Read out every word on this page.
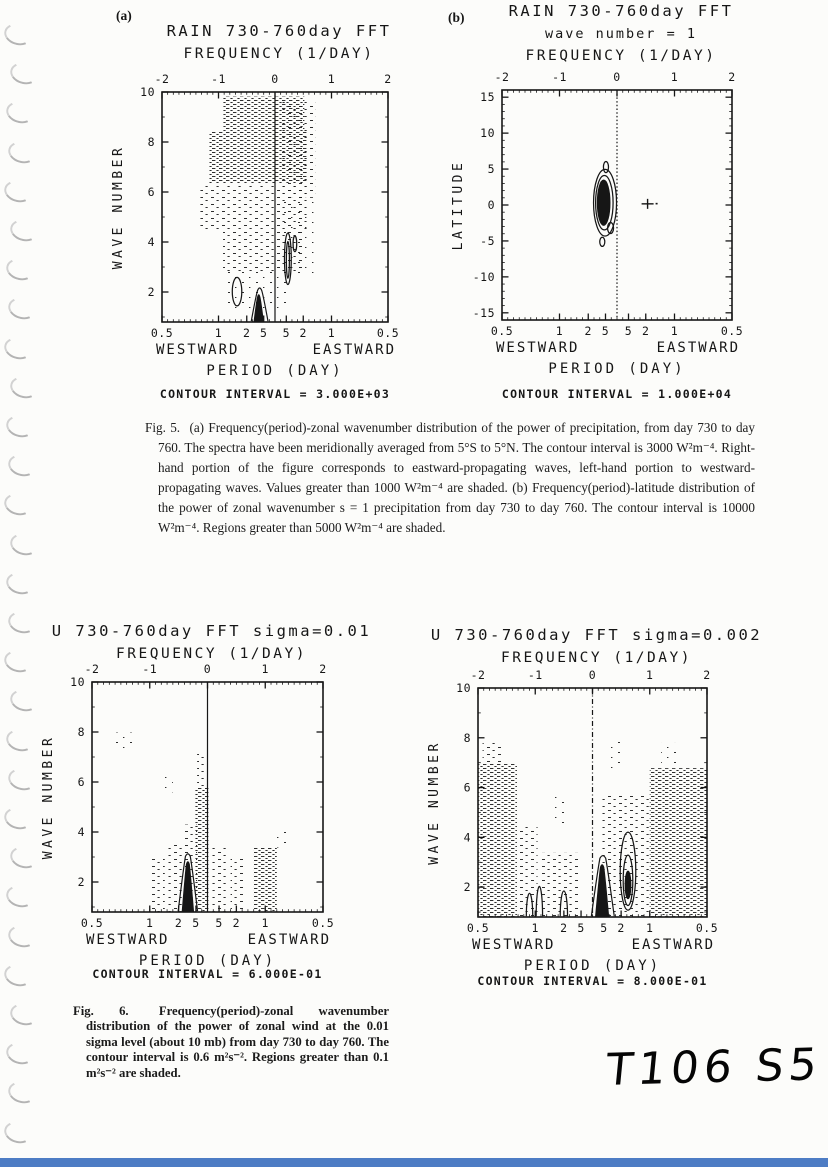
-2	-1	0	1	2
0.5	1 2 5 5 2 1	0.5
10
8
6
4
2
(a)
RAIN 730-760day FFT
FREQUENCY (1/DAY)
WAVE NUMBER
WESTWARD	EASTWARD
PERIOD (DAY)
CONTOUR INTERVAL = 3.000E+03
-2	-1	0	1	2
0.5	1 2 5 5 2 1	0.5
15
10
5
0
-5
-10
-15
(b)	RAIN 730-760day FFT
wave number = 1
FREQUENCY (1/DAY)
LATITUDE
WESTWARD	EASTWARD
PERIOD (DAY)
CONTOUR INTERVAL = 1.000E+04
-2	-1	0	1	2
0.5	1 2 5 5 2 1	0.5
10
8
6
4
2
U 730-760day FFT sigma=0.01
FREQUENCY (1/DAY)
WAVE NUMBER
WESTWARD	EASTWARD
PERIOD (DAY)
CONTOUR INTERVAL = 6.000E-01
-2	-1	0	1	2
0.5	1 2 5 5 2 1	0.5
10
8
6
4
2
U 730-760day FFT sigma=0.002
FREQUENCY (1/DAY)
WAVE NUMBER
WESTWARD	EASTWARD
PERIOD (DAY)
CONTOUR INTERVAL = 8.000E-01
Fig. 5. (a) Frequency(period)-zonal wavenumber distribution of the power of precipitation, from day 730 to day 760. The spectra have been meridionally averaged from 5°S to 5°N. The contour interval is 3000 W²m⁻⁴. Right-hand portion of the figure corresponds to eastward-propagating waves, left-hand portion to westward-propagating waves. Values greater than 1000 W²m⁻⁴ are shaded. (b) Frequency(period)-latitude distribution of the power of zonal wavenumber s = 1 precipitation from day 730 to day 760. The contour interval is 10000 W²m⁻⁴. Regions greater than 5000 W²m⁻⁴ are shaded.
Fig. 6. Frequency(period)-zonal wavenumber distribution of the power of zonal wind at the 0.01 sigma level (about 10 mb) from day 730 to day 760. The contour interval is 0.6 m²s⁻². Regions greater than 0.1 m²s⁻² are shaded.	T106 S5
